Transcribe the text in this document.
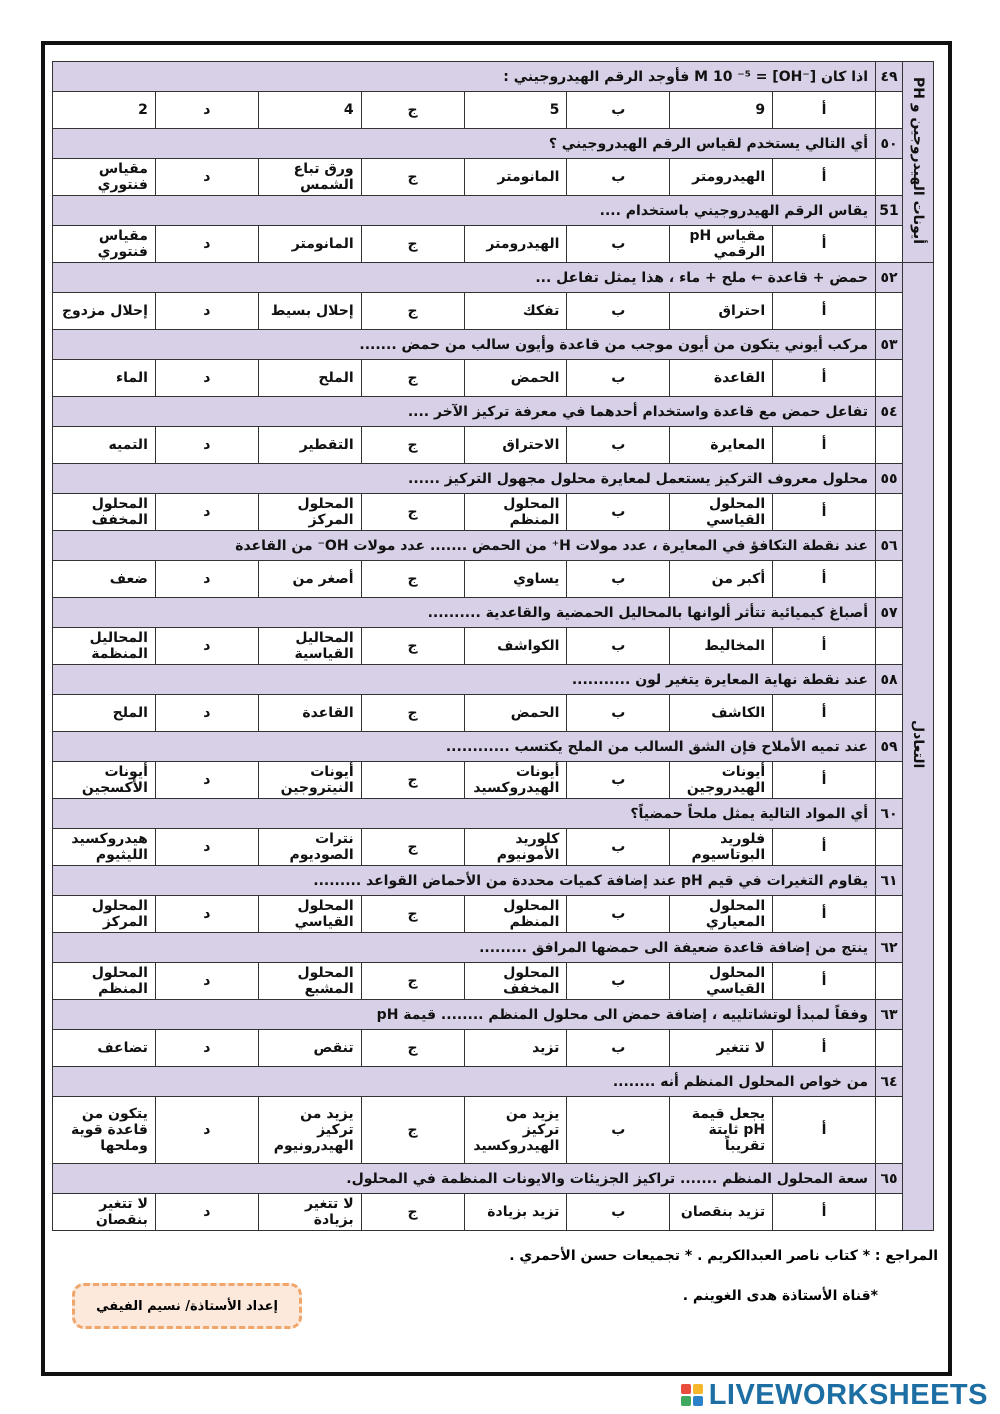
أيونات الهيدروجين و PH	٤٩	اذا كان M 10 ⁻⁵ = [OH⁻] فأوجد الرقم الهيدروجيني :							
		أ	9	ب	5	ج	4	د	2
	٥٠	أي التالي يستخدم لقياس الرقم الهيدروجيني ؟							
		أ	الهيدرومتر	ب	المانومتر	ج	ورق تباع الشمس	د	مقياس فنتوري
	51	يقاس الرقم الهيدروجيني باستخدام ....							
		أ	مقياس pH الرقمي	ب	الهيدرومتر	ج	المانومتر	د	مقياس فنتوري
التعادل	٥٢	حمض + قاعدة ← ملح + ماء ، هذا يمثل تفاعل ...							
		أ	احتراق	ب	تفكك	ج	إحلال بسيط	د	إحلال مزدوج
	٥٣	مركب أيوني يتكون من أيون موجب من قاعدة وأيون سالب من حمض .......							
		أ	القاعدة	ب	الحمض	ج	الملح	د	الماء
	٥٤	تفاعل حمض مع قاعدة واستخدام أحدهما في معرفة تركيز الآخر ....							
		أ	المعايرة	ب	الاحتراق	ج	التقطير	د	التميه
	٥٥	محلول معروف التركيز يستعمل لمعايرة محلول مجهول التركيز ......							
		أ	المحلول القياسي	ب	المحلول المنظم	ج	المحلول المركز	د	المحلول المخفف
	٥٦	عند نقطة التكافؤ في المعايرة ، عدد مولات H⁺ من الحمض ....... عدد مولات OH⁻ من القاعدة							
		أ	أكبر من	ب	يساوي	ج	أصغر من	د	ضعف
	٥٧	أصباغ كيميائية تتأثر ألوانها بالمحاليل الحمضية والقاعدية ..........							
		أ	المخاليط	ب	الكواشف	ج	المحاليل القياسية	د	المحاليل المنظمة
	٥٨	عند نقطة نهاية المعايرة يتغير لون ...........							
		أ	الكاشف	ب	الحمض	ج	القاعدة	د	الملح
	٥٩	عند تميه الأملاح فإن الشق السالب من الملح يكتسب ............							
		أ	أيونات الهيدروجين	ب	أيونات الهيدروكسيد	ج	أيونات النيتروجين	د	أيونات الأكسجين
	٦٠	أي المواد التالية يمثل ملحاً حمضياً؟							
		أ	فلوريد البوتاسيوم	ب	كلوريد الأمونيوم	ج	نترات الصوديوم	د	هيدروكسيد الليثيوم
	٦١	يقاوم التغيرات في قيم pH عند إضافة كميات محددة من الأحماض القواعد .........							
		أ	المحلول المعياري	ب	المحلول المنظم	ج	المحلول القياسي	د	المحلول المركز
	٦٢	ينتج من إضافة قاعدة ضعيفة الى حمضها المرافق .........							
		أ	المحلول القياسي	ب	المحلول المخفف	ج	المحلول المشبع	د	المحلول المنظم
	٦٣	وفقاً لمبدأ لوتشاتلييه ، إضافة حمض الى محلول المنظم ........ قيمة pH							
		أ	لا تتغير	ب	تزيد	ج	تنقص	د	تضاعف
	٦٤	من خواص المحلول المنظم أنه ........							
		أ	يجعل قيمة pH ثابتة تقريباً	ب	يزيد من تركيز الهيدروكسيد	ج	يزيد من تركيز الهيدرونيوم	د	يتكون من قاعدة قوية وملحها
	٦٥	سعة المحلول المنظم ....... تراكيز الجزيئات والايونات المنظمة في المحلول.							
		أ	تزيد بنقصان	ب	تزيد بزيادة	ج	لا تتغير بزيادة	د	لا تتغير بنقصان
المراجع : * كتاب ناصر العبدالكريم . * تجميعات حسن الأحمري .
*قناة الأستاذة هدى الغوينم .
إعداد الأستاذة/ نسيم الفيفي
LIVEWORKSHEETS
